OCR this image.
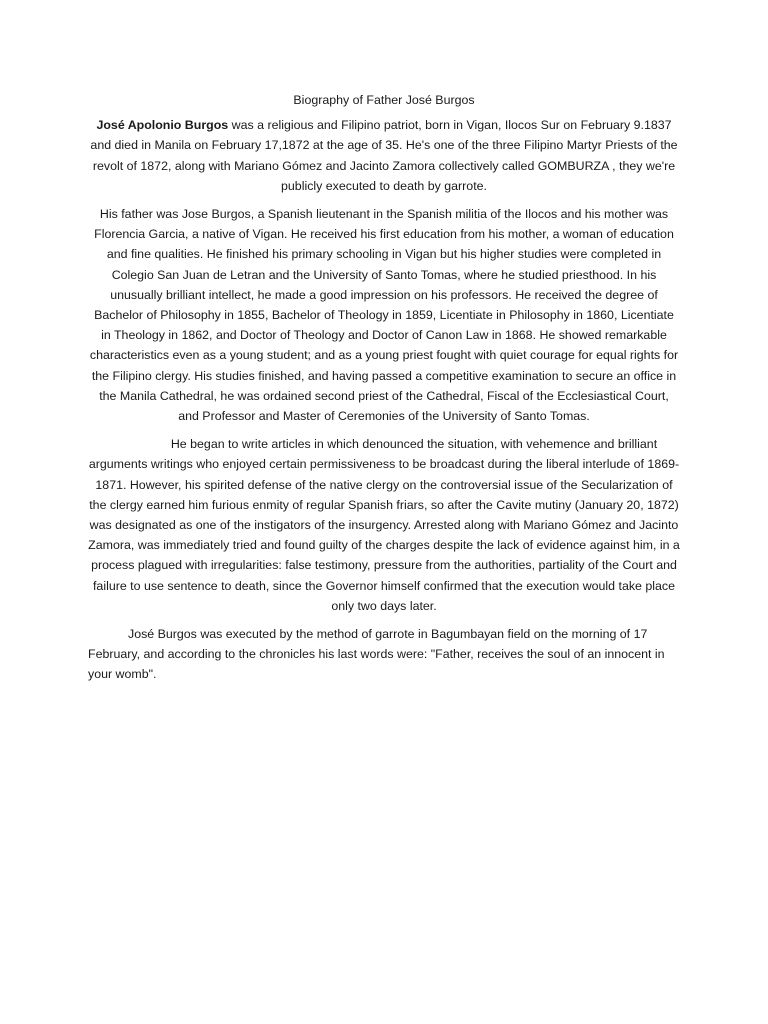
Biography of Father José Burgos

José Apolonio Burgos was a religious and Filipino patriot, born in Vigan, Ilocos Sur on February 9.1837 and died in Manila on February 17,1872 at the age of 35. He's one of the three Filipino Martyr Priests of the revolt of 1872, along with Mariano Gómez and Jacinto Zamora collectively called GOMBURZA , they we're publicly executed to death by garrote.

His father was Jose Burgos, a Spanish lieutenant in the Spanish militia of the Ilocos and his mother was Florencia Garcia, a native of Vigan. He received his first education from his mother, a woman of education and fine qualities. He finished his primary schooling in Vigan but his higher studies were completed in Colegio San Juan de Letran and the University of Santo Tomas, where he studied priesthood. In his unusually brilliant intellect, he made a good impression on his professors. He received the degree of Bachelor of Philosophy in 1855, Bachelor of Theology in 1859, Licentiate in Philosophy in 1860, Licentiate in Theology in 1862, and Doctor of Theology and Doctor of Canon Law in 1868. He showed remarkable characteristics even as a young student; and as a young priest fought with quiet courage for equal rights for the Filipino clergy. His studies finished, and having passed a competitive examination to secure an office in the Manila Cathedral, he was ordained second priest of the Cathedral, Fiscal of the Ecclesiastical Court, and Professor and Master of Ceremonies of the University of Santo Tomas.

He began to write articles in which denounced the situation, with vehemence and brilliant arguments writings who enjoyed certain permissiveness to be broadcast during the liberal interlude of 1869-1871. However, his spirited defense of the native clergy on the controversial issue of the Secularization of the clergy earned him furious enmity of regular Spanish friars, so after the Cavite mutiny (January 20, 1872) was designated as one of the instigators of the insurgency. Arrested along with Mariano Gómez and Jacinto Zamora, was immediately tried and found guilty of the charges despite the lack of evidence against him, in a process plagued with irregularities: false testimony, pressure from the authorities, partiality of the Court and failure to use sentence to death, since the Governor himself confirmed that the execution would take place only two days later.

José Burgos was executed by the method of garrote in Bagumbayan field on the morning of 17 February, and according to the chronicles his last words were: "Father, receives the soul of an innocent in your womb".
